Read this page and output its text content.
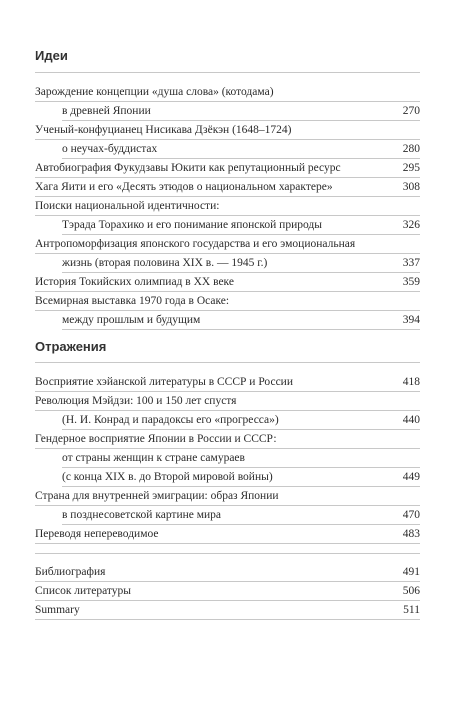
Идеи
Зарождение концепции «душа слова» (котодама)
в древней Японии	270
Ученый-конфуцианец Нисикава Дзёкэн (1648–1724)
о неучах-буддистах	280
Автобиография Фукудзавы Юкити как репутационный ресурс	295
Хага Яити и его «Десять этюдов о национальном характере»	308
Поиски национальной идентичности:
Тэрада Торахико и его понимание японской природы	326
Антропоморфизация японского государства и его эмоциональная
жизнь (вторая половина XIX в. — 1945 г.)	337
История Токийских олимпиад в XX веке	359
Всемирная выставка 1970 года в Осаке:
между прошлым и будущим	394
Отражения
Восприятие хэйанской литературы в СССР и России	418
Революция Мэйдзи: 100 и 150 лет спустя
(Н. И. Конрад и парадоксы его «прогресса»)	440
Гендерное восприятие Японии в России и СССР:
от страны женщин к стране самураев
(с конца XIX в. до Второй мировой войны)	449
Страна для внутренней эмиграции: образ Японии
в позднесоветской картине мира	470
Переводя непереводимое	483
Библиография	491
Список литературы	506
Summary	511
